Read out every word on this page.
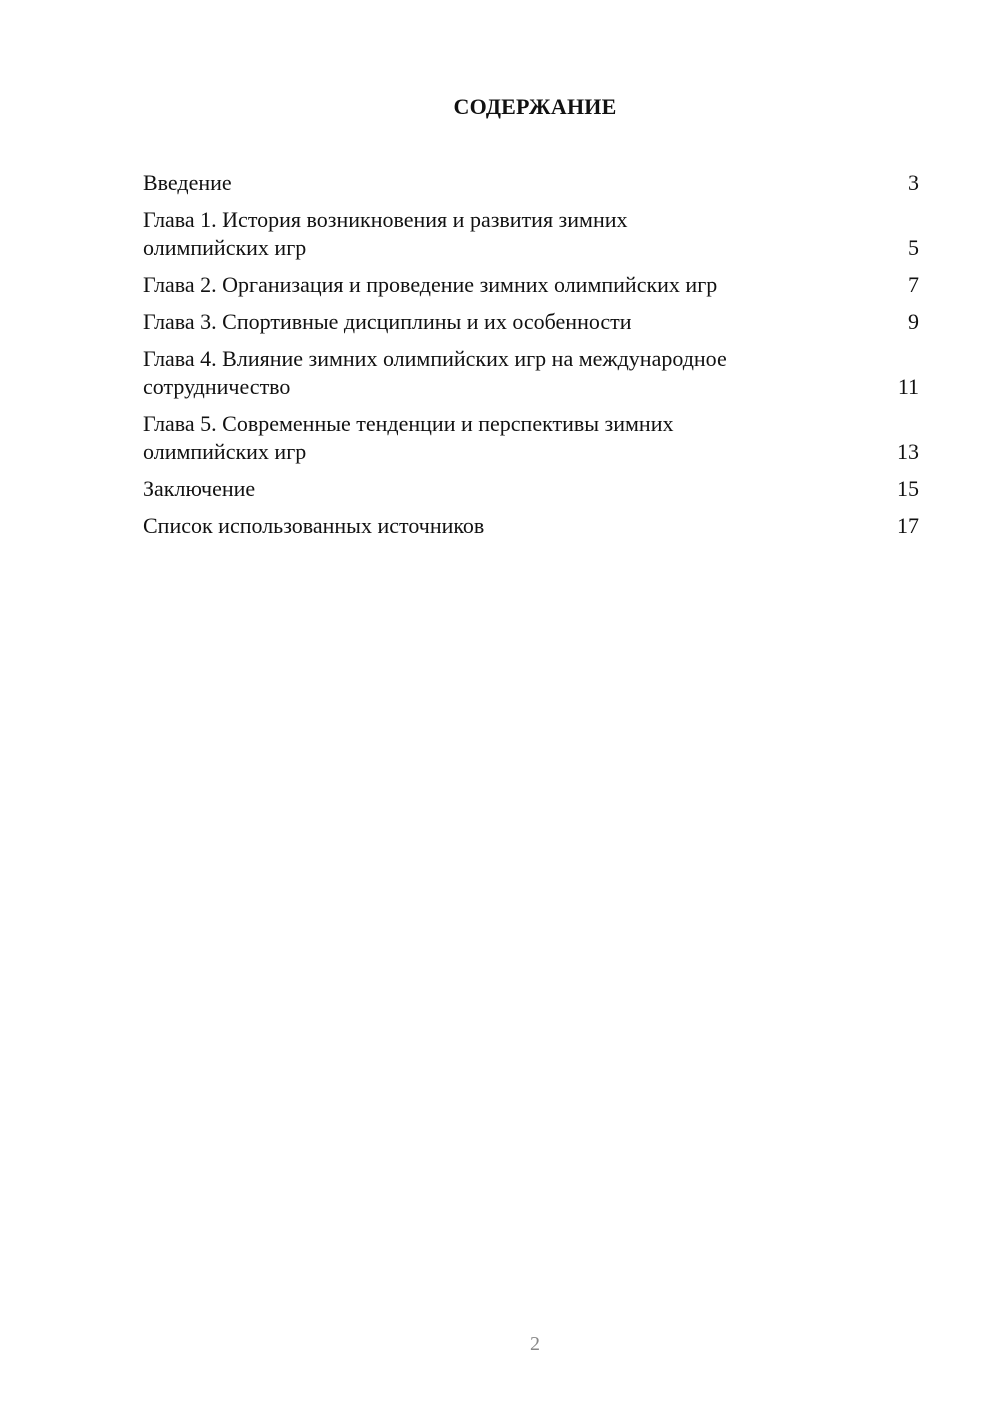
СОДЕРЖАНИЕ
Введение	3
Глава 1. История возникновения и развития зимних олимпийских игр	5
Глава 2. Организация и проведение зимних олимпийских игр	7
Глава 3. Спортивные дисциплины и их особенности	9
Глава 4. Влияние зимних олимпийских игр на международное сотрудничество	11
Глава 5. Современные тенденции и перспективы зимних олимпийских игр	13
Заключение	15
Список использованных источников	17
2
